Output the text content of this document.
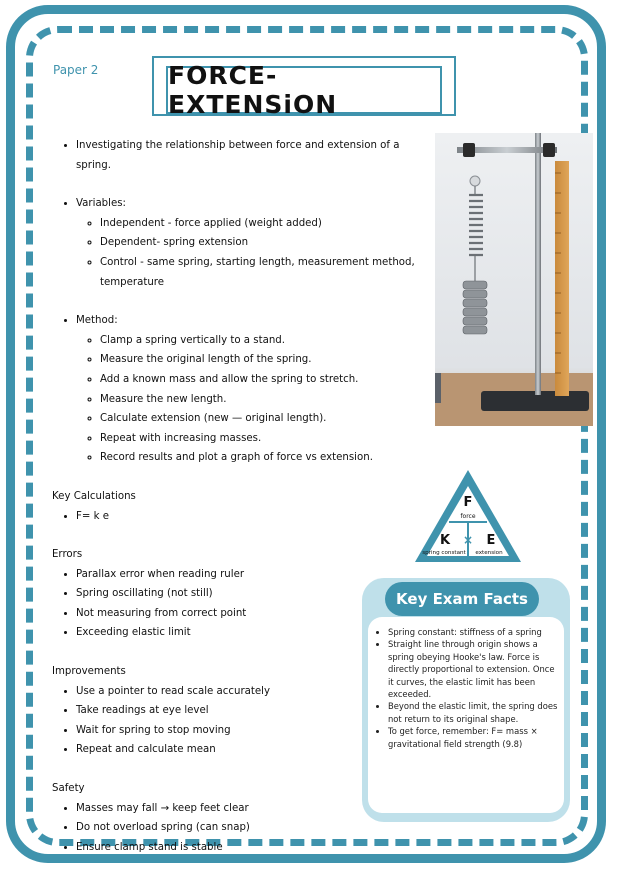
Paper 2	FORCE-EXTENSiON
• Investigating the relationship between force and extension of a spring.
• Variables:
◦ Independent - force applied (weight added)
◦ Dependent- spring extension
◦ Control - same spring, starting length, measurement method, temperature
• Method:
◦ Clamp a spring vertically to a stand.
◦ Measure the original length of the spring.
◦ Add a known mass and allow the spring to stretch.
◦ Measure the new length.
◦ Calculate extension (new — original length).
◦ Repeat with increasing masses.
◦ Record results and plot a graph of force vs extension.
Key Calculations
• F= k e
Errors
• Parallax error when reading ruler
• Spring oscillating (not still)
• Not measuring from correct point
• Exceeding elastic limit
Improvements
• Use a pointer to read scale accurately
• Take readings at eye level
• Wait for spring to stop moving
• Repeat and calculate mean
Safety
• Masses may fall → keep feet clear
• Do not overload spring (can snap)
• Ensure clamp stand is stable
F
force
K	E
×
spring constant extension
Key Exam Facts
• Spring constant: stiffness of a spring
• Straight line through origin shows a spring obeying Hooke's law. Force is directly proportional to extension. Once it curves, the elastic limit has been exceeded.
• Beyond the elastic limit, the spring does not return to its original shape.
• To get force, remember: F= mass × gravitational field strength (9.8)
